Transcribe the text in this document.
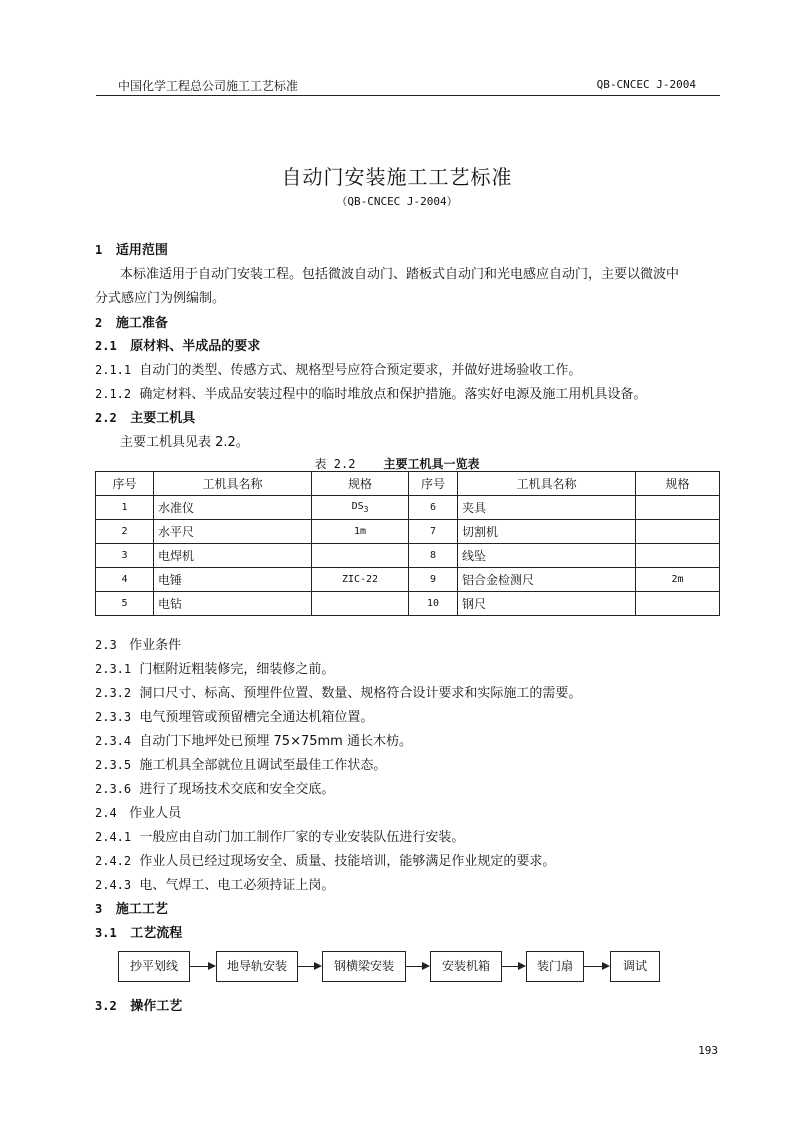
中国化学工程总公司施工工艺标准	QB-CNCEC J-2004
自动门安装施工工艺标准
（QB-CNCEC J-2004）
1 适用范围
本标准适用于自动门安装工程。包括微波自动门、踏板式自动门和光电感应自动门，主要以微波中
分式感应门为例编制。
2 施工准备
2.1 原材料、半成品的要求
2.1.1 自动门的类型、传感方式、规格型号应符合预定要求，并做好进场验收工作。
2.1.2 确定材料、半成品安装过程中的临时堆放点和保护措施。落实好电源及施工用机具设备。
2.2 主要工机具
主要工机具见表 2.2。
表 2.2 主要工机具一览表
序号	工机具名称	规格	序号	工机具名称	规格
1	水准仪	$DS_3$	6	夹具	
2	水平尺	1m	7	切割机	
3	电焊机		8	线坠	
4	电锤	ZIC-22	9	铝合金检测尺	2m
5	电钻		10	钢尺	
2.3 作业条件
2.3.1 门框附近粗装修完，细装修之前。
2.3.2 洞口尺寸、标高、预埋件位置、数量、规格符合设计要求和实际施工的需要。
2.3.3 电气预埋管或预留槽完全通达机箱位置。
2.3.4 自动门下地坪处已预埋 75×75mm 通长木枋。
2.3.5 施工机具全部就位且调试至最佳工作状态。
2.3.6 进行了现场技术交底和安全交底。
2.4 作业人员
2.4.1 一般应由自动门加工制作厂家的专业安装队伍进行安装。
2.4.2 作业人员已经过现场安全、质量、技能培训，能够满足作业规定的要求。
2.4.3 电、气焊工、电工必须持证上岗。
3 施工工艺
3.1 工艺流程
抄平划线	地导轨安装	钢横梁安装	安装机箱	装门扇	调试
3.2 操作工艺
193
